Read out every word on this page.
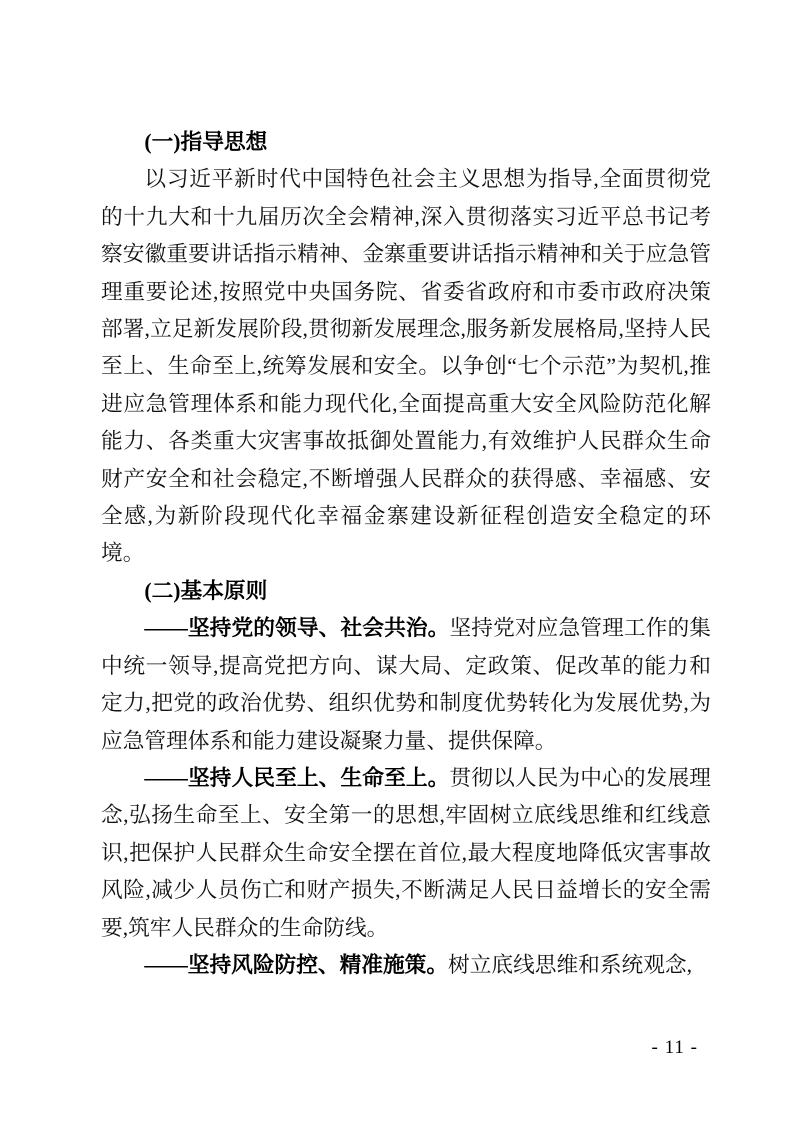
(一)指导思想
以习近平新时代中国特色社会主义思想为指导,全面贯彻党的十九大和十九届历次全会精神,深入贯彻落实习近平总书记考察安徽重要讲话指示精神、金寨重要讲话指示精神和关于应急管理重要论述,按照党中央国务院、省委省政府和市委市政府决策部署,立足新发展阶段,贯彻新发展理念,服务新发展格局,坚持人民至上、生命至上,统筹发展和安全。以争创“七个示范”为契机,推进应急管理体系和能力现代化,全面提高重大安全风险防范化解能力、各类重大灾害事故抵御处置能力,有效维护人民群众生命财产安全和社会稳定,不断增强人民群众的获得感、幸福感、安全感,为新阶段现代化幸福金寨建设新征程创造安全稳定的环境。
(二)基本原则
——坚持党的领导、社会共治。坚持党对应急管理工作的集中统一领导,提高党把方向、谋大局、定政策、促改革的能力和定力,把党的政治优势、组织优势和制度优势转化为发展优势,为应急管理体系和能力建设凝聚力量、提供保障。
——坚持人民至上、生命至上。贯彻以人民为中心的发展理念,弘扬生命至上、安全第一的思想,牢固树立底线思维和红线意识,把保护人民群众生命安全摆在首位,最大程度地降低灾害事故风险,减少人员伤亡和财产损失,不断满足人民日益增长的安全需要,筑牢人民群众的生命防线。
——坚持风险防控、精准施策。树立底线思维和系统观念,
- 11 -
